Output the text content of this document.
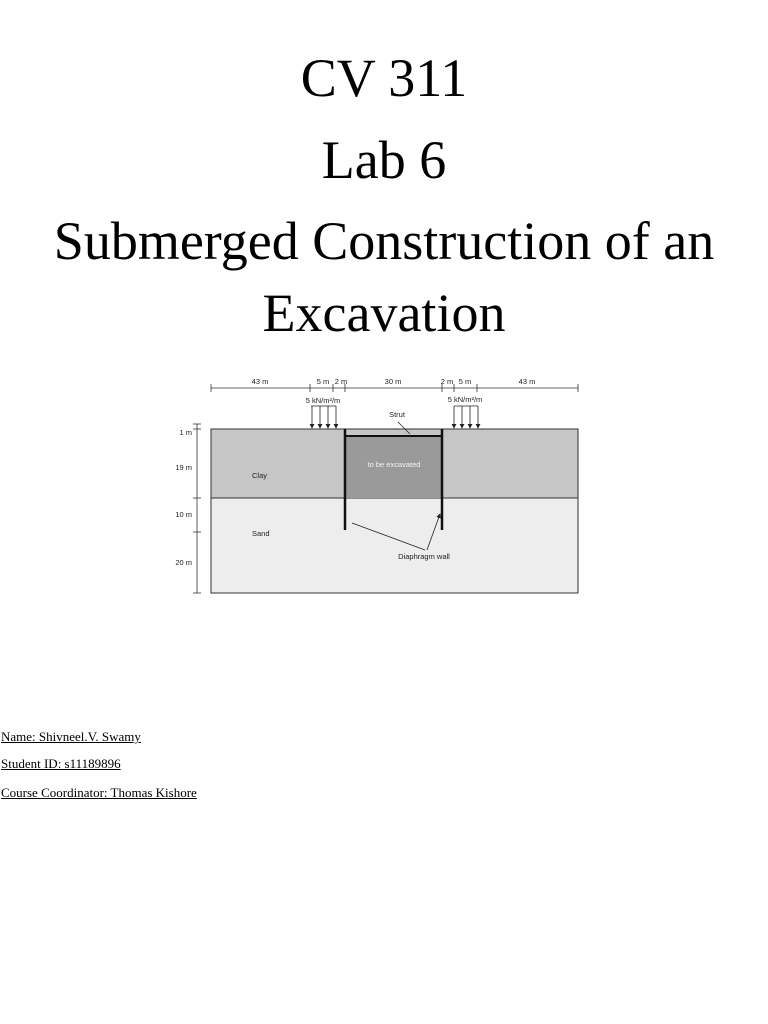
CV 311
Lab 6
Submerged Construction of an
Excavation
43 m	5 m 2 m	30 m	2 m 5 m	43 m
5 kN/m²/m	5 kN/m²/m
Strut
to be excavated
Clay
Sand
Diaphragm wall
1 m
19 m
10 m
20 m
Name: Shivneel.V. Swamy
Student ID: s11189896
Course Coordinator: Thomas Kishore
